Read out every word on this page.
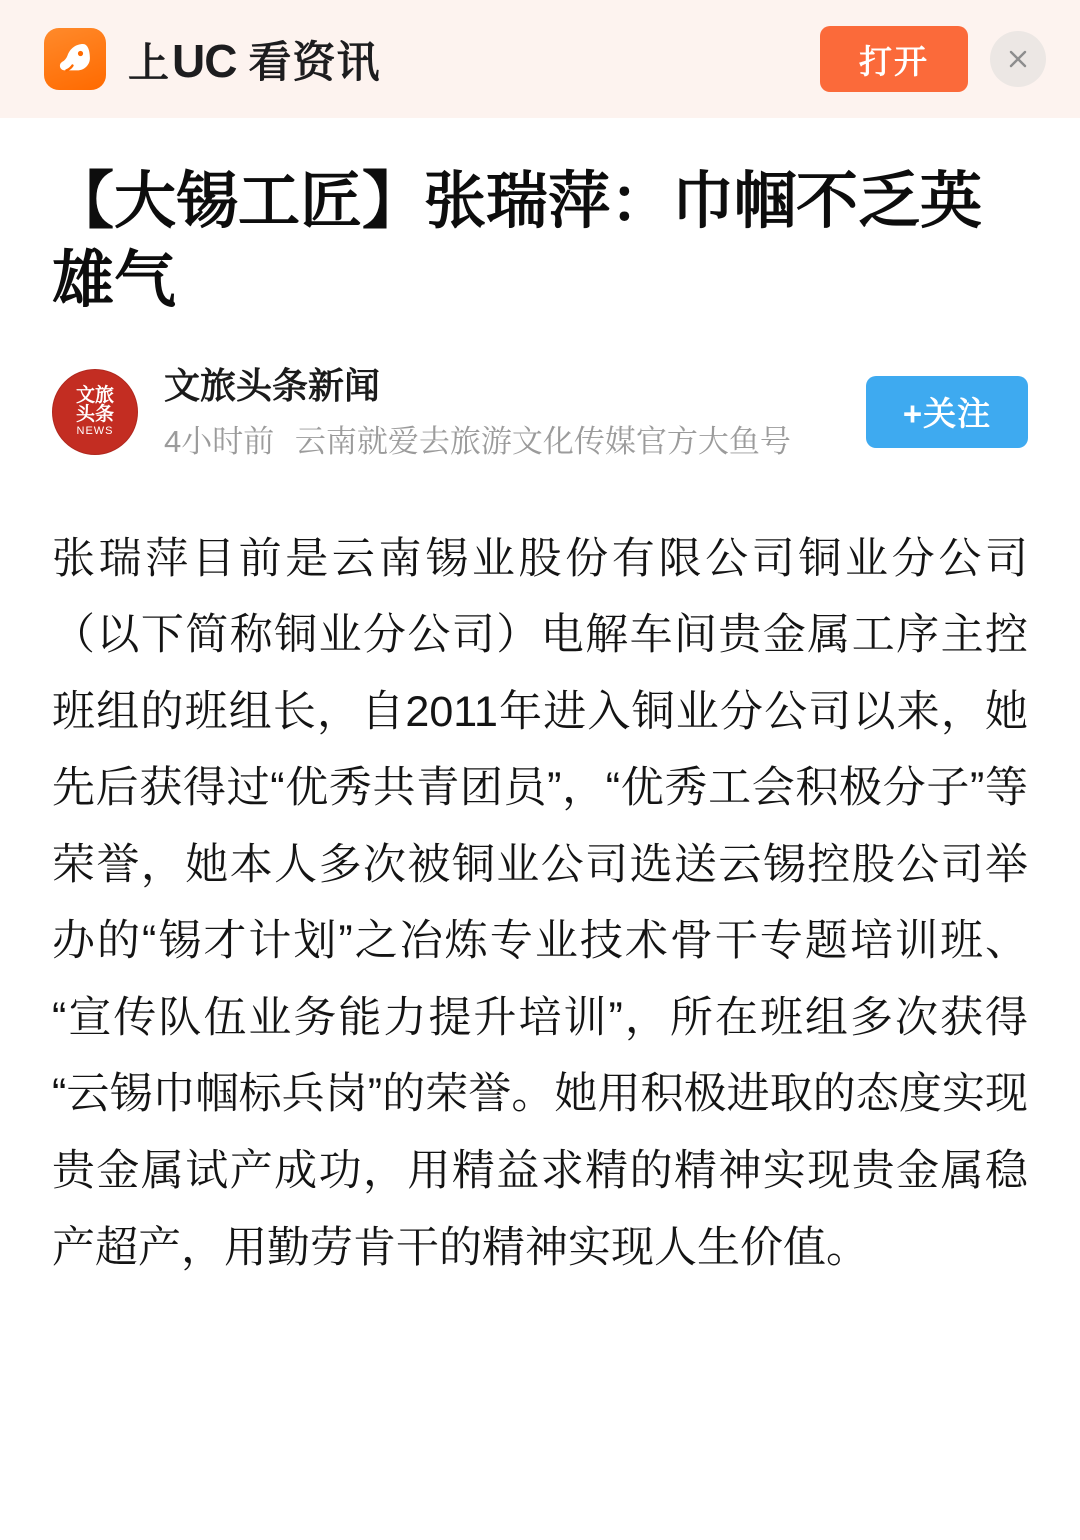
上 UC 看资讯	打开
【大锡工匠】张瑞萍：巾帼不乏英雄气
文旅
头条
NEWS
文旅头条新闻
4小时前 云南就爱去旅游文化传媒官方大鱼号
+关注

张瑞萍目前是云南锡业股份有限公司铜业分公司（以下简称铜业分公司）电解车间贵金属工序主控班组的班组长，自2011年进入铜业分公司以来，她先后获得过“优秀共青团员”，“优秀工会积极分子”等荣誉，她本人多次被铜业公司选送云锡控股公司举办的“锡才计划”之冶炼专业技术骨干专题培训班、“宣传队伍业务能力提升培训”，所在班组多次获得“云锡巾帼标兵岗”的荣誉。她用积极进取的态度实现贵金属试产成功，用精益求精的精神实现贵金属稳产超产，用勤劳肯干的精神实现人生价值。
